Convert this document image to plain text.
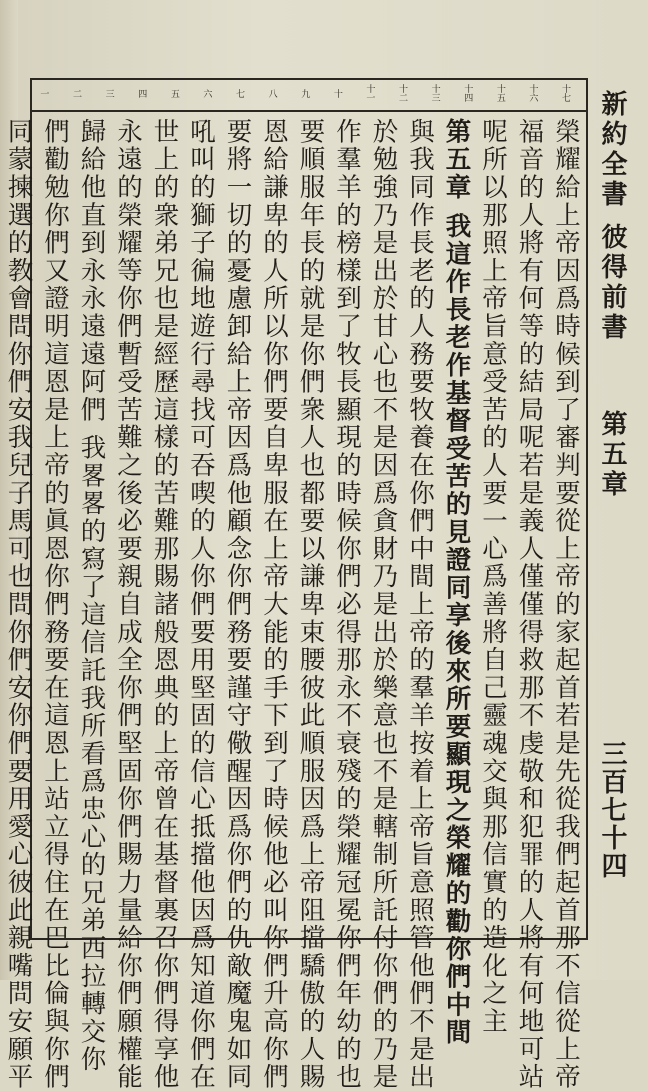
十七
十六
十五
十四
十三
十二
十一
十
九
八
七
六
五
四
三
二
一	新約全書 彼得前書
第五章
三百七十四
榮耀給上帝因爲時候到了審判要從上帝的家起首若是先從我們起首那不信從上帝
福音的人將有何等的結局呢若是義人僅僅得救那不虔敬和犯罪的人將有何地可站
呢所以那照上帝旨意受苦的人要一心爲善將自己靈魂交與那信實的造化之主
第五章 我這作長老作基督受苦的見證同享後來所要顯現之榮耀的勸你們中間
與我同作長老的人務要牧養在你們中間上帝的羣羊按着上帝旨意照管他們不是出
於勉強乃是出於甘心也不是因爲貪財乃是出於樂意也不是轄制所託付你們的乃是
作羣羊的榜樣到了牧長顯現的時候你們必得那永不衰殘的榮耀冠冕你們年幼的也
要順服年長的就是你們衆人也都要以謙卑束腰彼此順服因爲上帝阻擋驕傲的人賜
恩給謙卑的人所以你們要自卑服在上帝大能的手下到了時候他必叫你們升高你們
要將一切的憂慮卸給上帝因爲他顧念你們務要謹守儆醒因爲你們的仇敵魔鬼如同
吼叫的獅子徧地遊行尋找可吞喫的人你們要用堅固的信心抵擋他因爲知道你們在
世上的衆弟兄也是經歷這樣的苦難那賜諸般恩典的上帝曾在基督裏召你們得享他
永遠的榮耀等你們暫受苦難之後必要親自成全你們堅固你們賜力量給你們願權能
歸給他直到永永遠遠阿們 我畧畧的寫了這信託我所看爲忠心的兄弟西拉轉交你
們勸勉你們又證明這恩是上帝的眞恩你們務要在這恩上站立得住在巴比倫與你們
同蒙揀選的教會問你們安我兒子馬可也問你們安你們要用愛心彼此親嘴問安願平
